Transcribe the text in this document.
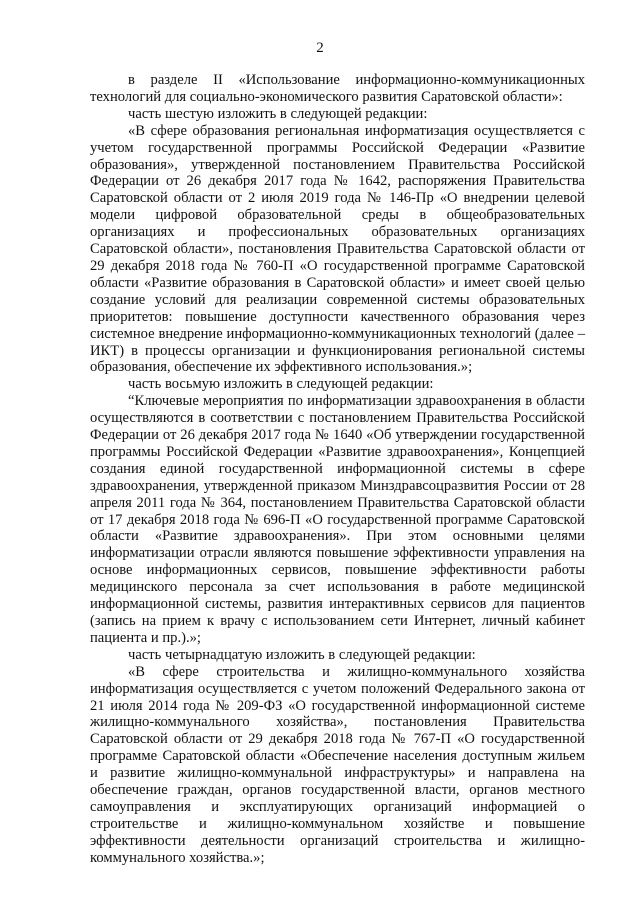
2

в разделе II «Использование информационно-коммуникационных технологий для социально-экономического развития Саратовской области»:

часть шестую изложить в следующей редакции:

«В сфере образования региональная информатизация осуществляется с учетом государственной программы Российской Федерации «Развитие образования», утвержденной постановлением Правительства Российской Федерации от 26 декабря 2017 года № 1642, распоряжения Правительства Саратовской области от 2 июля 2019 года № 146-Пр «О внедрении целевой модели цифровой образовательной среды в общеобразовательных организациях и профессиональных образовательных организациях Саратовской области», постановления Правительства Саратовской области от 29 декабря 2018 года № 760-П «О государственной программе Саратовской области «Развитие образования в Саратовской области» и имеет своей целью создание условий для реализации современной системы образовательных приоритетов: повышение доступности качественного образования через системное внедрение информационно-коммуникационных технологий (далее – ИКТ) в процессы организации и функционирования региональной системы образования, обеспечение их эффективного использования.»;

часть восьмую изложить в следующей редакции:

“Ключевые мероприятия по информатизации здравоохранения в области осуществляются в соответствии с постановлением Правительства Российской Федерации от 26 декабря 2017 года № 1640 «Об утверждении государственной программы Российской Федерации «Развитие здравоохранения», Концепцией создания единой государственной информационной системы в сфере здравоохранения, утвержденной приказом Минздравсоцразвития России от 28 апреля 2011 года № 364, постановлением Правительства Саратовской области от 17 декабря 2018 года № 696-П «О государственной программе Саратовской области «Развитие здравоохранения». При этом основными целями информатизации отрасли являются повышение эффективности управления на основе информационных сервисов, повышение эффективности работы медицинского персонала за счет использования в работе медицинской информационной системы, развития интерактивных сервисов для пациентов (запись на прием к врачу с использованием сети Интернет, личный кабинет пациента и пр.).»;

часть четырнадцатую изложить в следующей редакции:

«В сфере строительства и жилищно-коммунального хозяйства информатизация осуществляется с учетом положений Федерального закона от 21 июля 2014 года № 209-ФЗ «О государственной информационной системе жилищно-коммунального хозяйства», постановления Правительства Саратовской области от 29 декабря 2018 года № 767-П «О государственной программе Саратовской области «Обеспечение населения доступным жильем и развитие жилищно-коммунальной инфраструктуры» и направлена на обеспечение граждан, органов государственной власти, органов местного самоуправления и эксплуатирующих организаций информацией о строительстве и жилищно-коммунальном хозяйстве и повышение эффективности деятельности организаций строительства и жилищно-коммунального хозяйства.»;
